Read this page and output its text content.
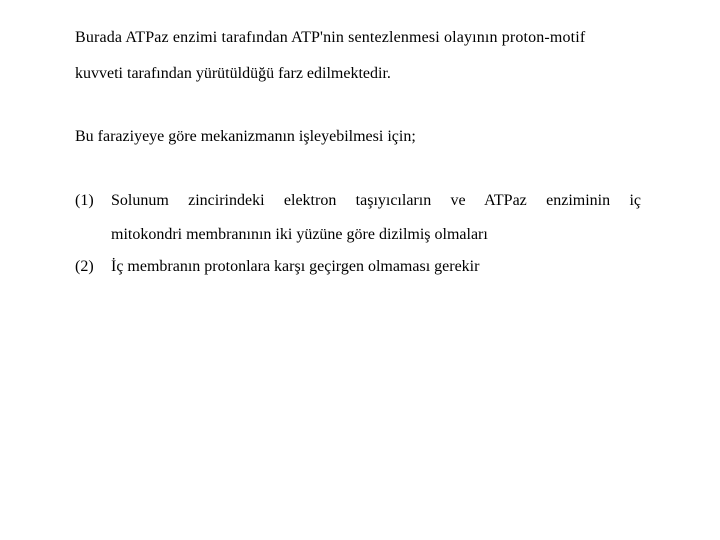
Burada ATPaz enzimi tarafından ATP'nin sentezlenmesi olayının proton-motif
kuvveti tarafından yürütüldüğü farz edilmektedir.
Bu faraziyeye göre mekanizmanın işleyebilmesi için;
(1) Solunum zincirindeki elektron taşıyıcıların ve ATPaz enziminin iç
mitokondri membranının iki yüzüne göre dizilmiş olmaları
(2) İç membranın protonlara karşı geçirgen olmaması gerekir
